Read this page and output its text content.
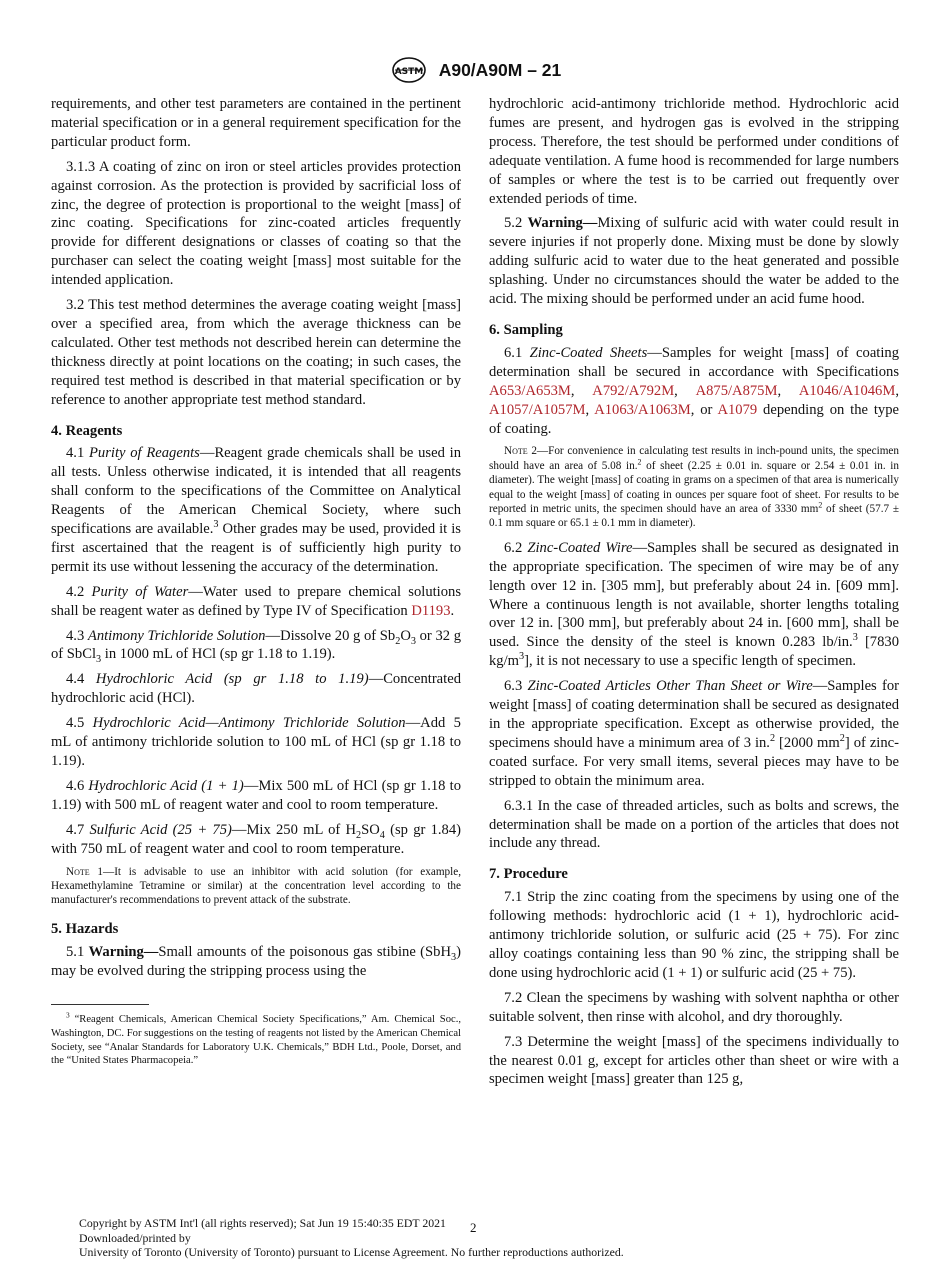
ASTM A90/A90M – 21

requirements, and other test parameters are contained in the pertinent material specification or in a general requirement specification for the particular product form.

3.1.3 A coating of zinc on iron or steel articles provides protection against corrosion. As the protection is provided by sacrificial loss of zinc, the degree of protection is proportional to the weight [mass] of zinc coating. Specifications for zinc-coated articles frequently provide for different designations or classes of coating so that the purchaser can select the coating weight [mass] most suitable for the intended application.

3.2 This test method determines the average coating weight [mass] over a specified area, from which the average thickness can be calculated. Other test methods not described herein can determine the thickness directly at point locations on the coating; in such cases, the required test method is described in that material specification or by reference to another appropriate test method standard.

4. Reagents

4.1 Purity of Reagents—Reagent grade chemicals shall be used in all tests. Unless otherwise indicated, it is intended that all reagents shall conform to the specifications of the Committee on Analytical Reagents of the American Chemical Society, where such specifications are available.$^3$ Other grades may be used, provided it is first ascertained that the reagent is of sufficiently high purity to permit its use without lessening the accuracy of the determination.

4.2 Purity of Water—Water used to prepare chemical solutions shall be reagent water as defined by Type IV of Specification D1193.

4.3 Antimony Trichloride Solution—Dissolve 20 g of $Sb_2O_3$ or 32 g of SbCl$_3$ in 1000 mL of HCl (sp gr 1.18 to 1.19).

4.4 Hydrochloric Acid (sp gr 1.18 to 1.19)—Concentrated hydrochloric acid (HCl).

4.5 Hydrochloric Acid—Antimony Trichloride Solution—Add 5 mL of antimony trichloride solution to 100 mL of HCl (sp gr 1.18 to 1.19).

4.6 Hydrochloric Acid (1 + 1)—Mix 500 mL of HCl (sp gr 1.18 to 1.19) with 500 mL of reagent water and cool to room temperature.

4.7 Sulfuric Acid (25 + 75)—Mix 250 mL of $H_2SO_4$ (sp gr 1.84) with 750 mL of reagent water and cool to room temperature.

Note 1—It is advisable to use an inhibitor with acid solution (for example, Hexamethylamine Tetramine or similar) at the concentration level according to the manufacturer's recommendations to prevent attack of the substrate.

5. Hazards

5.1 Warning—Small amounts of the poisonous gas stibine (SbH$_3$) may be evolved during the stripping process using the

$^3$ “Reagent Chemicals, American Chemical Society Specifications,” Am. Chemical Soc., Washington, DC. For suggestions on the testing of reagents not listed by the American Chemical Society, see “Analar Standards for Laboratory U.K. Chemicals,” BDH Ltd., Poole, Dorset, and the “United States Pharmacopeia.”

hydrochloric acid-antimony trichloride method. Hydrochloric acid fumes are present, and hydrogen gas is evolved in the stripping process. Therefore, the test should be performed under conditions of adequate ventilation. A fume hood is recommended for large numbers of samples or where the test is to be carried out frequently over extended periods of time.

5.2 Warning—Mixing of sulfuric acid with water could result in severe injuries if not properly done. Mixing must be done by slowly adding sulfuric acid to water due to the heat generated and possible splashing. Under no circumstances should the water be added to the acid. The mixing should be performed under an acid fume hood.

6. Sampling

6.1 Zinc-Coated Sheets—Samples for weight [mass] of coating determination shall be secured in accordance with Specifications A653/A653M, A792/A792M, A875/A875M, A1046/A1046M, A1057/A1057M, A1063/A1063M, or A1079 depending on the type of coating.

Note 2—For convenience in calculating test results in inch-pound units, the specimen should have an area of 5.08 in.$^2$ of sheet (2.25 ± 0.01 in. square or 2.54 ± 0.01 in. in diameter). The weight [mass] of coating in grams on a specimen of that area is numerically equal to the weight [mass] of coating in ounces per square foot of sheet. For results to be reported in metric units, the specimen should have an area of 3330 $mm^2$ of sheet (57.7 ± 0.1 mm square or 65.1 ± 0.1 mm in diameter).

6.2 Zinc-Coated Wire—Samples shall be secured as designated in the appropriate specification. The specimen of wire may be of any length over 12 in. [305 mm], but preferably about 24 in. [609 mm]. Where a continuous length is not available, shorter lengths totaling over 12 in. [300 mm], but preferably about 24 in. [600 mm], shall be used. Since the density of the steel is known 0.283 lb/in.$^3$ [7830 $kg/m^3$], it is not necessary to use a specific length of specimen.

6.3 Zinc-Coated Articles Other Than Sheet or Wire—Samples for weight [mass] of coating determination shall be secured as designated in the appropriate specification. Except as otherwise provided, the specimens should have a minimum area of 3 in.$^2$ [2000 $mm^2$] of zinc-coated surface. For very small items, several pieces may have to be stripped to obtain the minimum area.

6.3.1 In the case of threaded articles, such as bolts and screws, the determination shall be made on a portion of the articles that does not include any thread.

7. Procedure

7.1 Strip the zinc coating from the specimens by using one of the following methods: hydrochloric acid (1 + 1), hydrochloric acid-antimony trichloride solution, or sulfuric acid (25 + 75). For zinc alloy coatings containing less than 90 % zinc, the stripping shall be done using hydrochloric acid (1 + 1) or sulfuric acid (25 + 75).

7.2 Clean the specimens by washing with solvent naphtha or other suitable solvent, then rinse with alcohol, and dry thoroughly.

7.3 Determine the weight [mass] of the specimens individually to the nearest 0.01 g, except for articles other than sheet or wire with a specimen weight [mass] greater than 125 g,

2
Copyright by ASTM Int'l (all rights reserved); Sat Jun 19 15:40:35 EDT 2021
Downloaded/printed by
University of Toronto (University of Toronto) pursuant to License Agreement. No further reproductions authorized.
